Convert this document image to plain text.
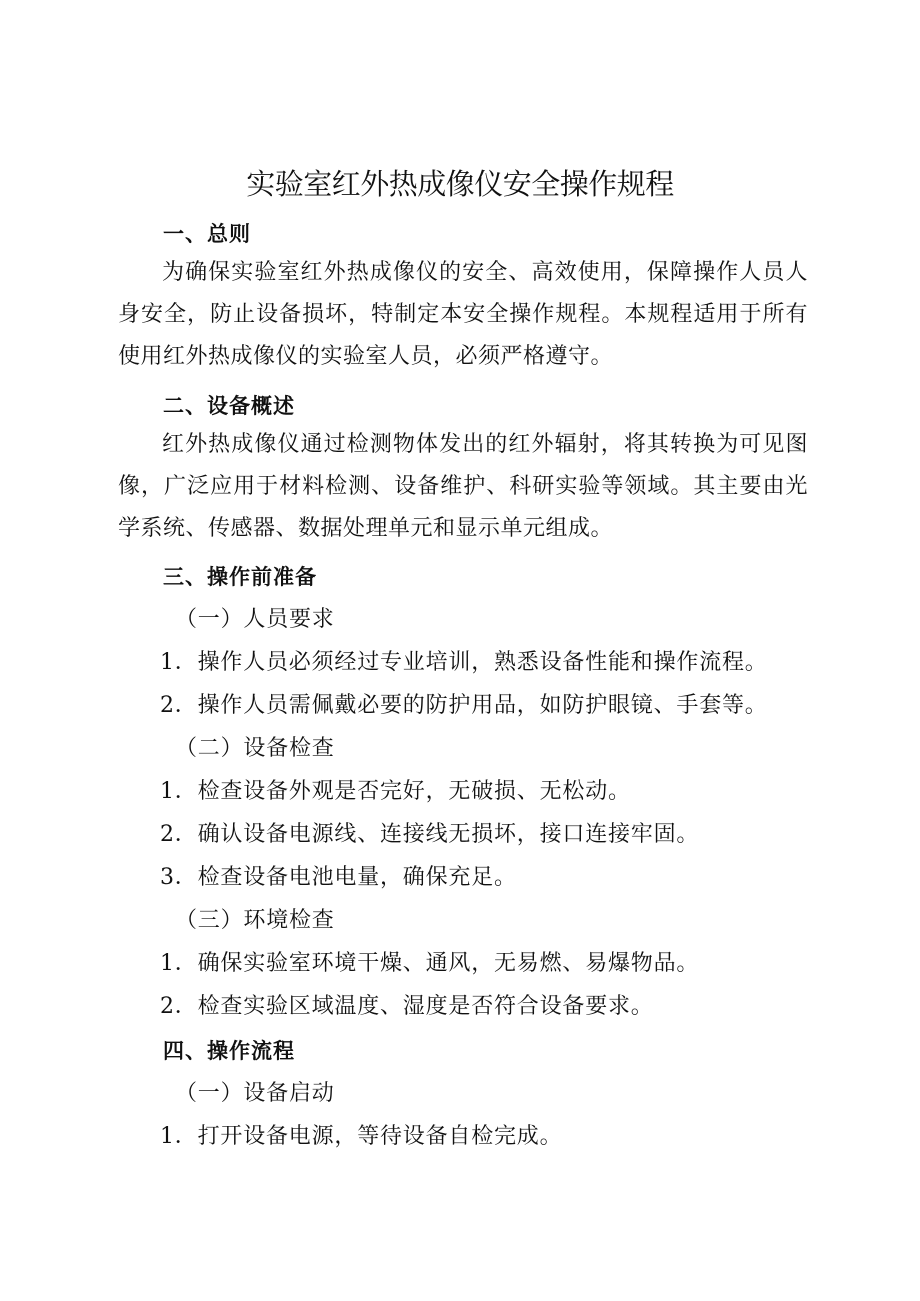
实验室红外热成像仪安全操作规程
一、总则

为确保实验室红外热成像仪的安全、高效使用，保障操作人员人身安全，防止设备损坏，特制定本安全操作规程。本规程适用于所有使用红外热成像仪的实验室人员，必须严格遵守。

二、设备概述

红外热成像仪通过检测物体发出的红外辐射，将其转换为可见图像，广泛应用于材料检测、设备维护、科研实验等领域。其主要由光学系统、传感器、数据处理单元和显示单元组成。

三、操作前准备
（一）人员要求
1．操作人员必须经过专业培训，熟悉设备性能和操作流程。
2．操作人员需佩戴必要的防护用品，如防护眼镜、手套等。
（二）设备检查
1．检查设备外观是否完好，无破损、无松动。
2．确认设备电源线、连接线无损坏，接口连接牢固。
3．检查设备电池电量，确保充足。
（三）环境检查
1．确保实验室环境干燥、通风，无易燃、易爆物品。
2．检查实验区域温度、湿度是否符合设备要求。
四、操作流程
（一）设备启动
1．打开设备电源，等待设备自检完成。
